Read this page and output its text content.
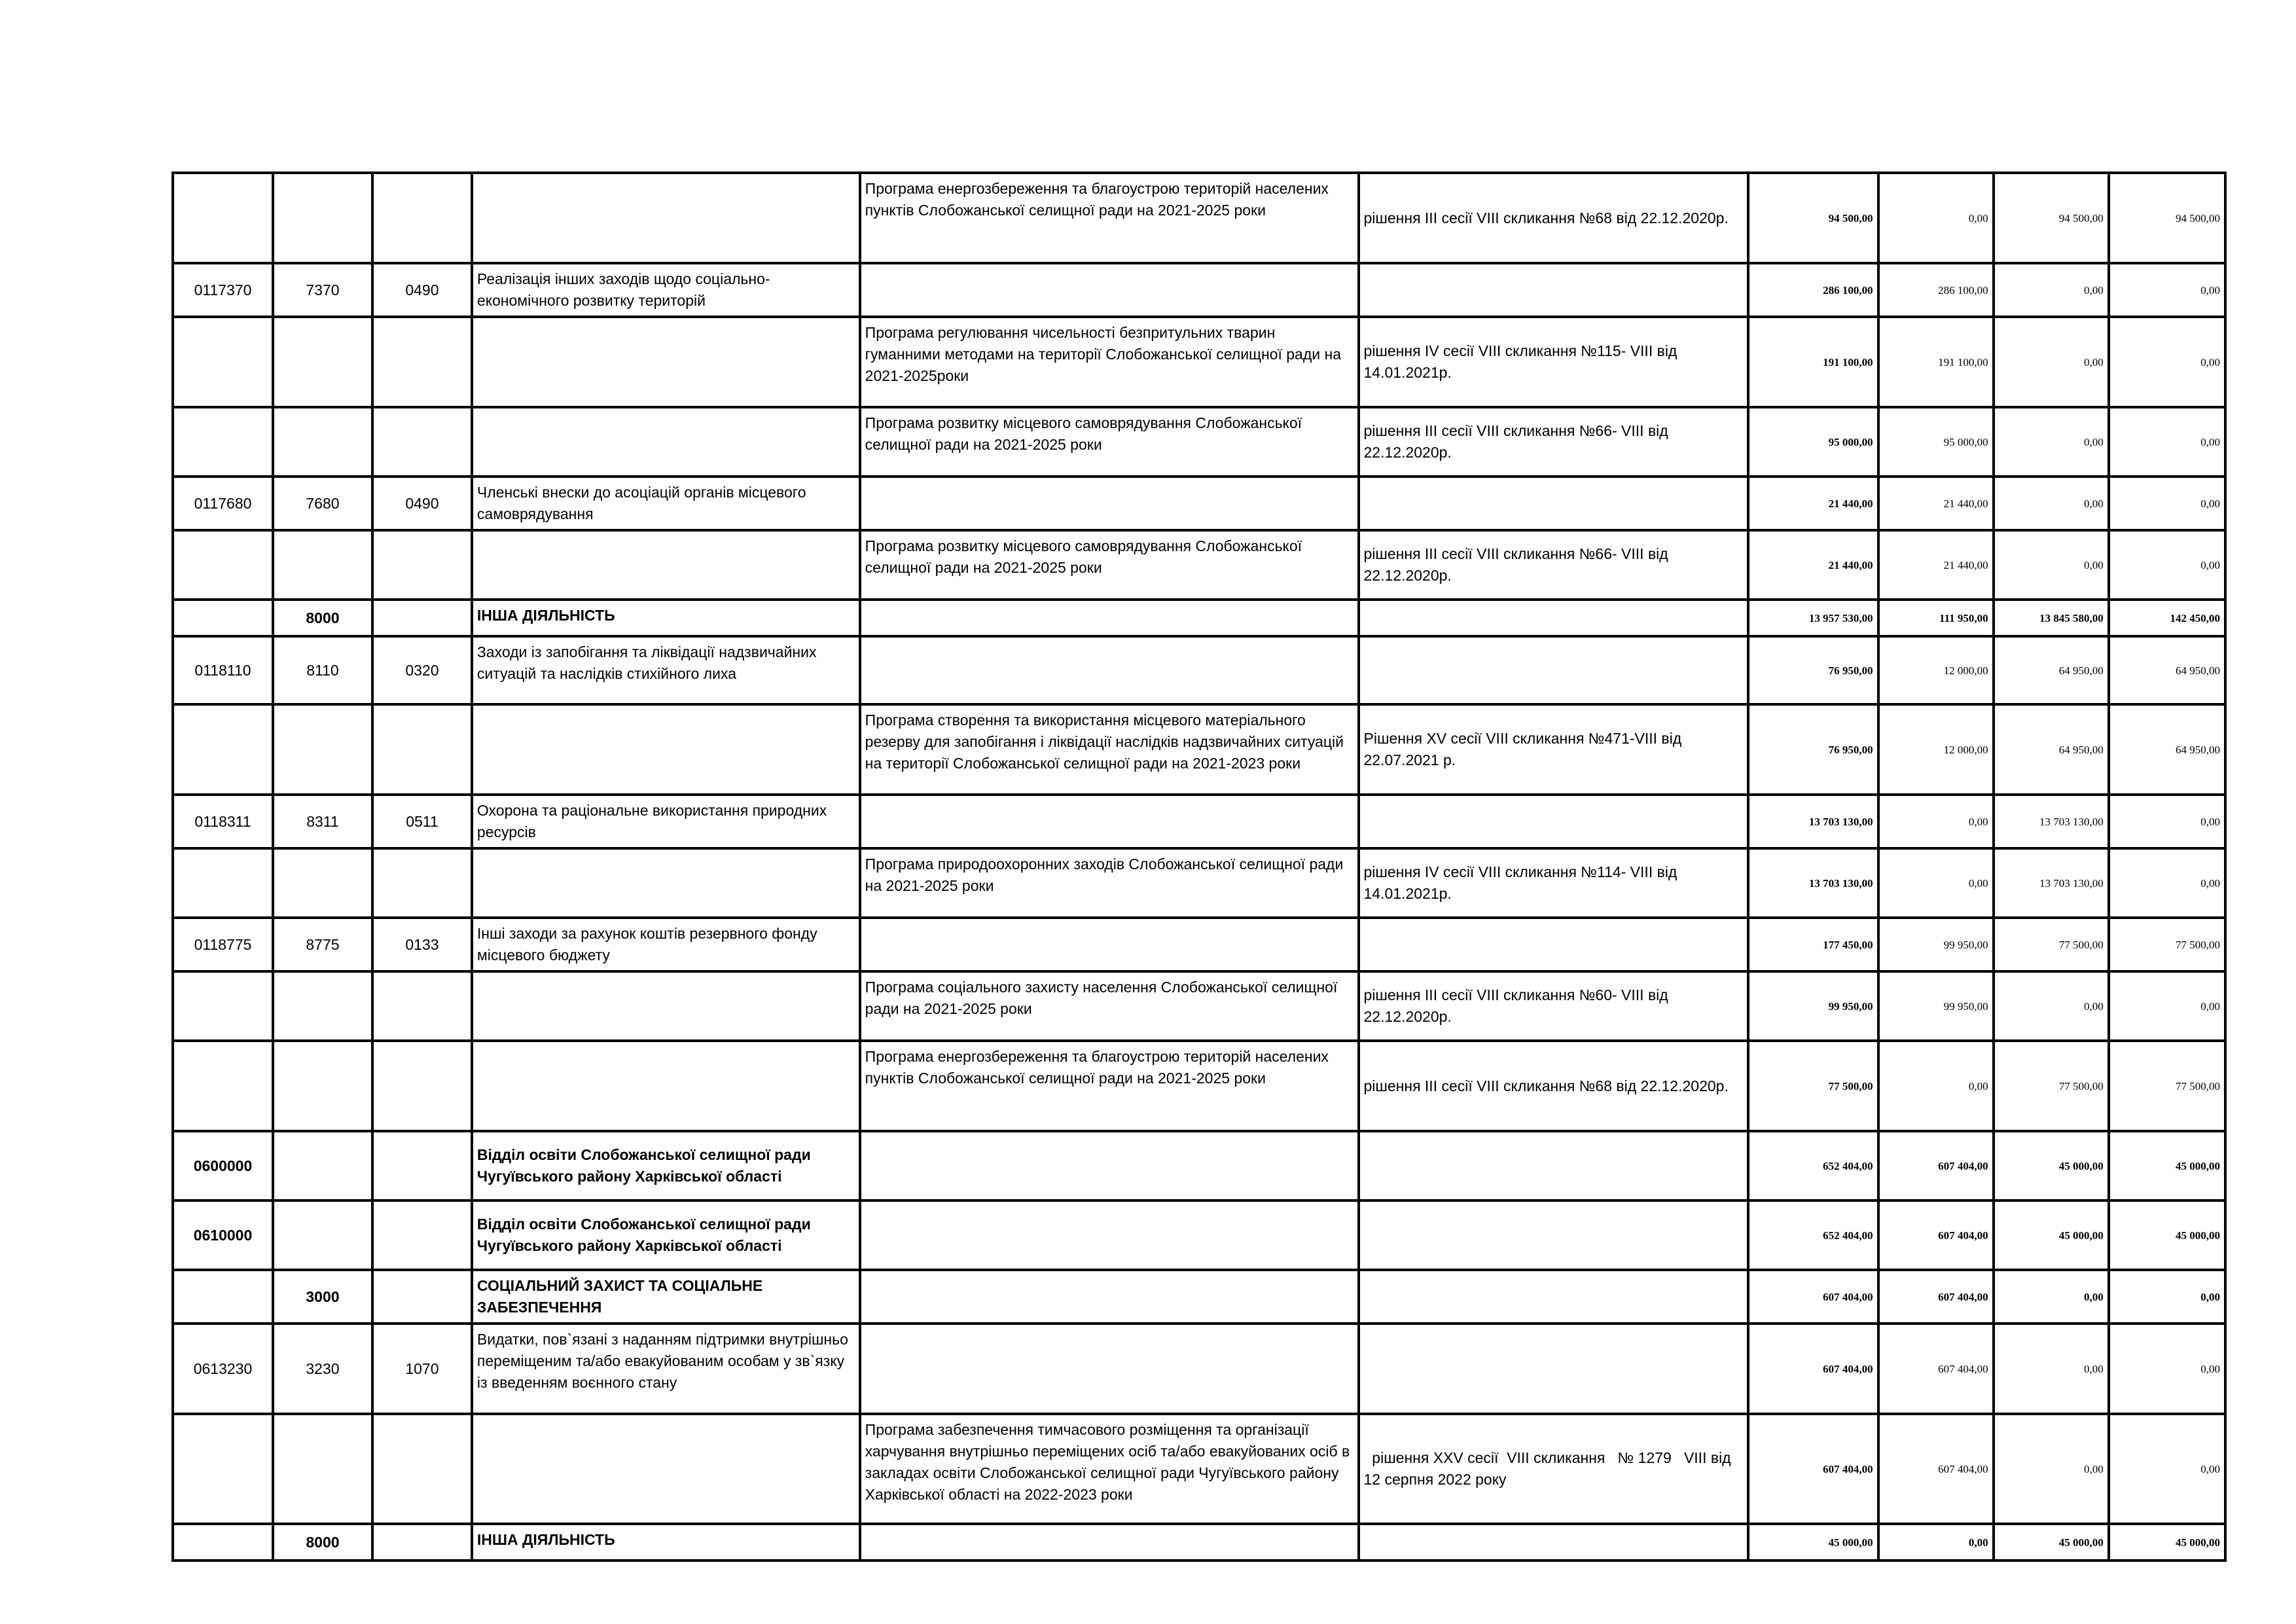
				Програма енергозбереження та благоустрою територій населених пунктів Слобожанської селищної ради на 2021-2025 роки	рішення ІІІ сесії VIIІ скликання №68 від 22.12.2020р.	94 500,00	0,00	94 500,00	94 500,00
0117370	7370	0490	Реалізація інших заходів щодо соціально-економічного розвитку територій			286 100,00	286 100,00	0,00	0,00
				Програма регулювання чисельності безпритульних тварин гуманними методами на території Слобожанської селищної ради на 2021-2025роки	рішення IV сесії VIIІ скликання №115- VIII від 14.01.2021р.	191 100,00	191 100,00	0,00	0,00
				Програма розвитку місцевого самоврядування Слобожанської селищної ради на 2021-2025 роки	рішення ІІІ сесії VIIІ скликання №66- VIII від 22.12.2020р.	95 000,00	95 000,00	0,00	0,00
0117680	7680	0490	Членські внески до асоціацій органів місцевого самоврядування			21 440,00	21 440,00	0,00	0,00
				Програма розвитку місцевого самоврядування Слобожанської селищної ради на 2021-2025 роки	рішення ІІІ сесії VIIІ скликання №66- VIII від 22.12.2020р.	21 440,00	21 440,00	0,00	0,00
	8000		ІНША ДІЯЛЬНІСТЬ			13 957 530,00	111 950,00	13 845 580,00	142 450,00
0118110	8110	0320	Заходи із запобігання та ліквідації надзвичайних ситуацій та наслідків стихійного лиха			76 950,00	12 000,00	64 950,00	64 950,00
				Програма створення та використання місцевого матеріального резерву для запобігання і ліквідації наслідків надзвичайних ситуацій на території Слобожанської селищної ради на 2021-2023 роки	Рішення XV сесії VIII скликання №471-VIII від 22.07.2021 р.	76 950,00	12 000,00	64 950,00	64 950,00
0118311	8311	0511	Охорона та раціональне використання природних ресурсів			13 703 130,00	0,00	13 703 130,00	0,00
				Програма природоохоронних заходів Слобожанської селищної ради на 2021-2025 роки	рішення IV сесії VIIІ скликання №114- VIII від 14.01.2021р.	13 703 130,00	0,00	13 703 130,00	0,00
0118775	8775	0133	Інші заходи за рахунок коштів резервного фонду місцевого бюджету			177 450,00	99 950,00	77 500,00	77 500,00
				Програма соціального захисту населення Слобожанської селищної ради на 2021-2025 роки	рішення ІІІ сесії VIIІ скликання №60- VIII від 22.12.2020р.	99 950,00	99 950,00	0,00	0,00
				Програма енергозбереження та благоустрою територій населених пунктів Слобожанської селищної ради на 2021-2025 роки	рішення ІІІ сесії VIIІ скликання №68 від 22.12.2020р.	77 500,00	0,00	77 500,00	77 500,00
0600000			Відділ освіти Слобожанської селищної ради Чугуївського району Харківської області			652 404,00	607 404,00	45 000,00	45 000,00
0610000			Відділ освіти Слобожанської селищної ради Чугуївського району Харківської області			652 404,00	607 404,00	45 000,00	45 000,00
	3000		СОЦІАЛЬНИЙ ЗАХИСТ ТА СОЦІАЛЬНЕ ЗАБЕЗПЕЧЕННЯ			607 404,00	607 404,00	0,00	0,00
0613230	3230	1070	Видатки, пов`язані з наданням підтримки внутрішньо переміщеним та/або евакуйованим особам у зв`язку із введенням воєнного стану			607 404,00	607 404,00	0,00	0,00
				Програма забезпечення тимчасового розміщення та організації харчування внутрішньо переміщених осіб та/або евакуйованих осіб в закладах освіти Слобожанської селищної ради Чугуївського району Харківської області на 2022-2023 роки	рішення XXV сесії  VIII скликання   № 1279   VIII від 12 серпня 2022 року	607 404,00	607 404,00	0,00	0,00
	8000		ІНША ДІЯЛЬНІСТЬ			45 000,00	0,00	45 000,00	45 000,00
